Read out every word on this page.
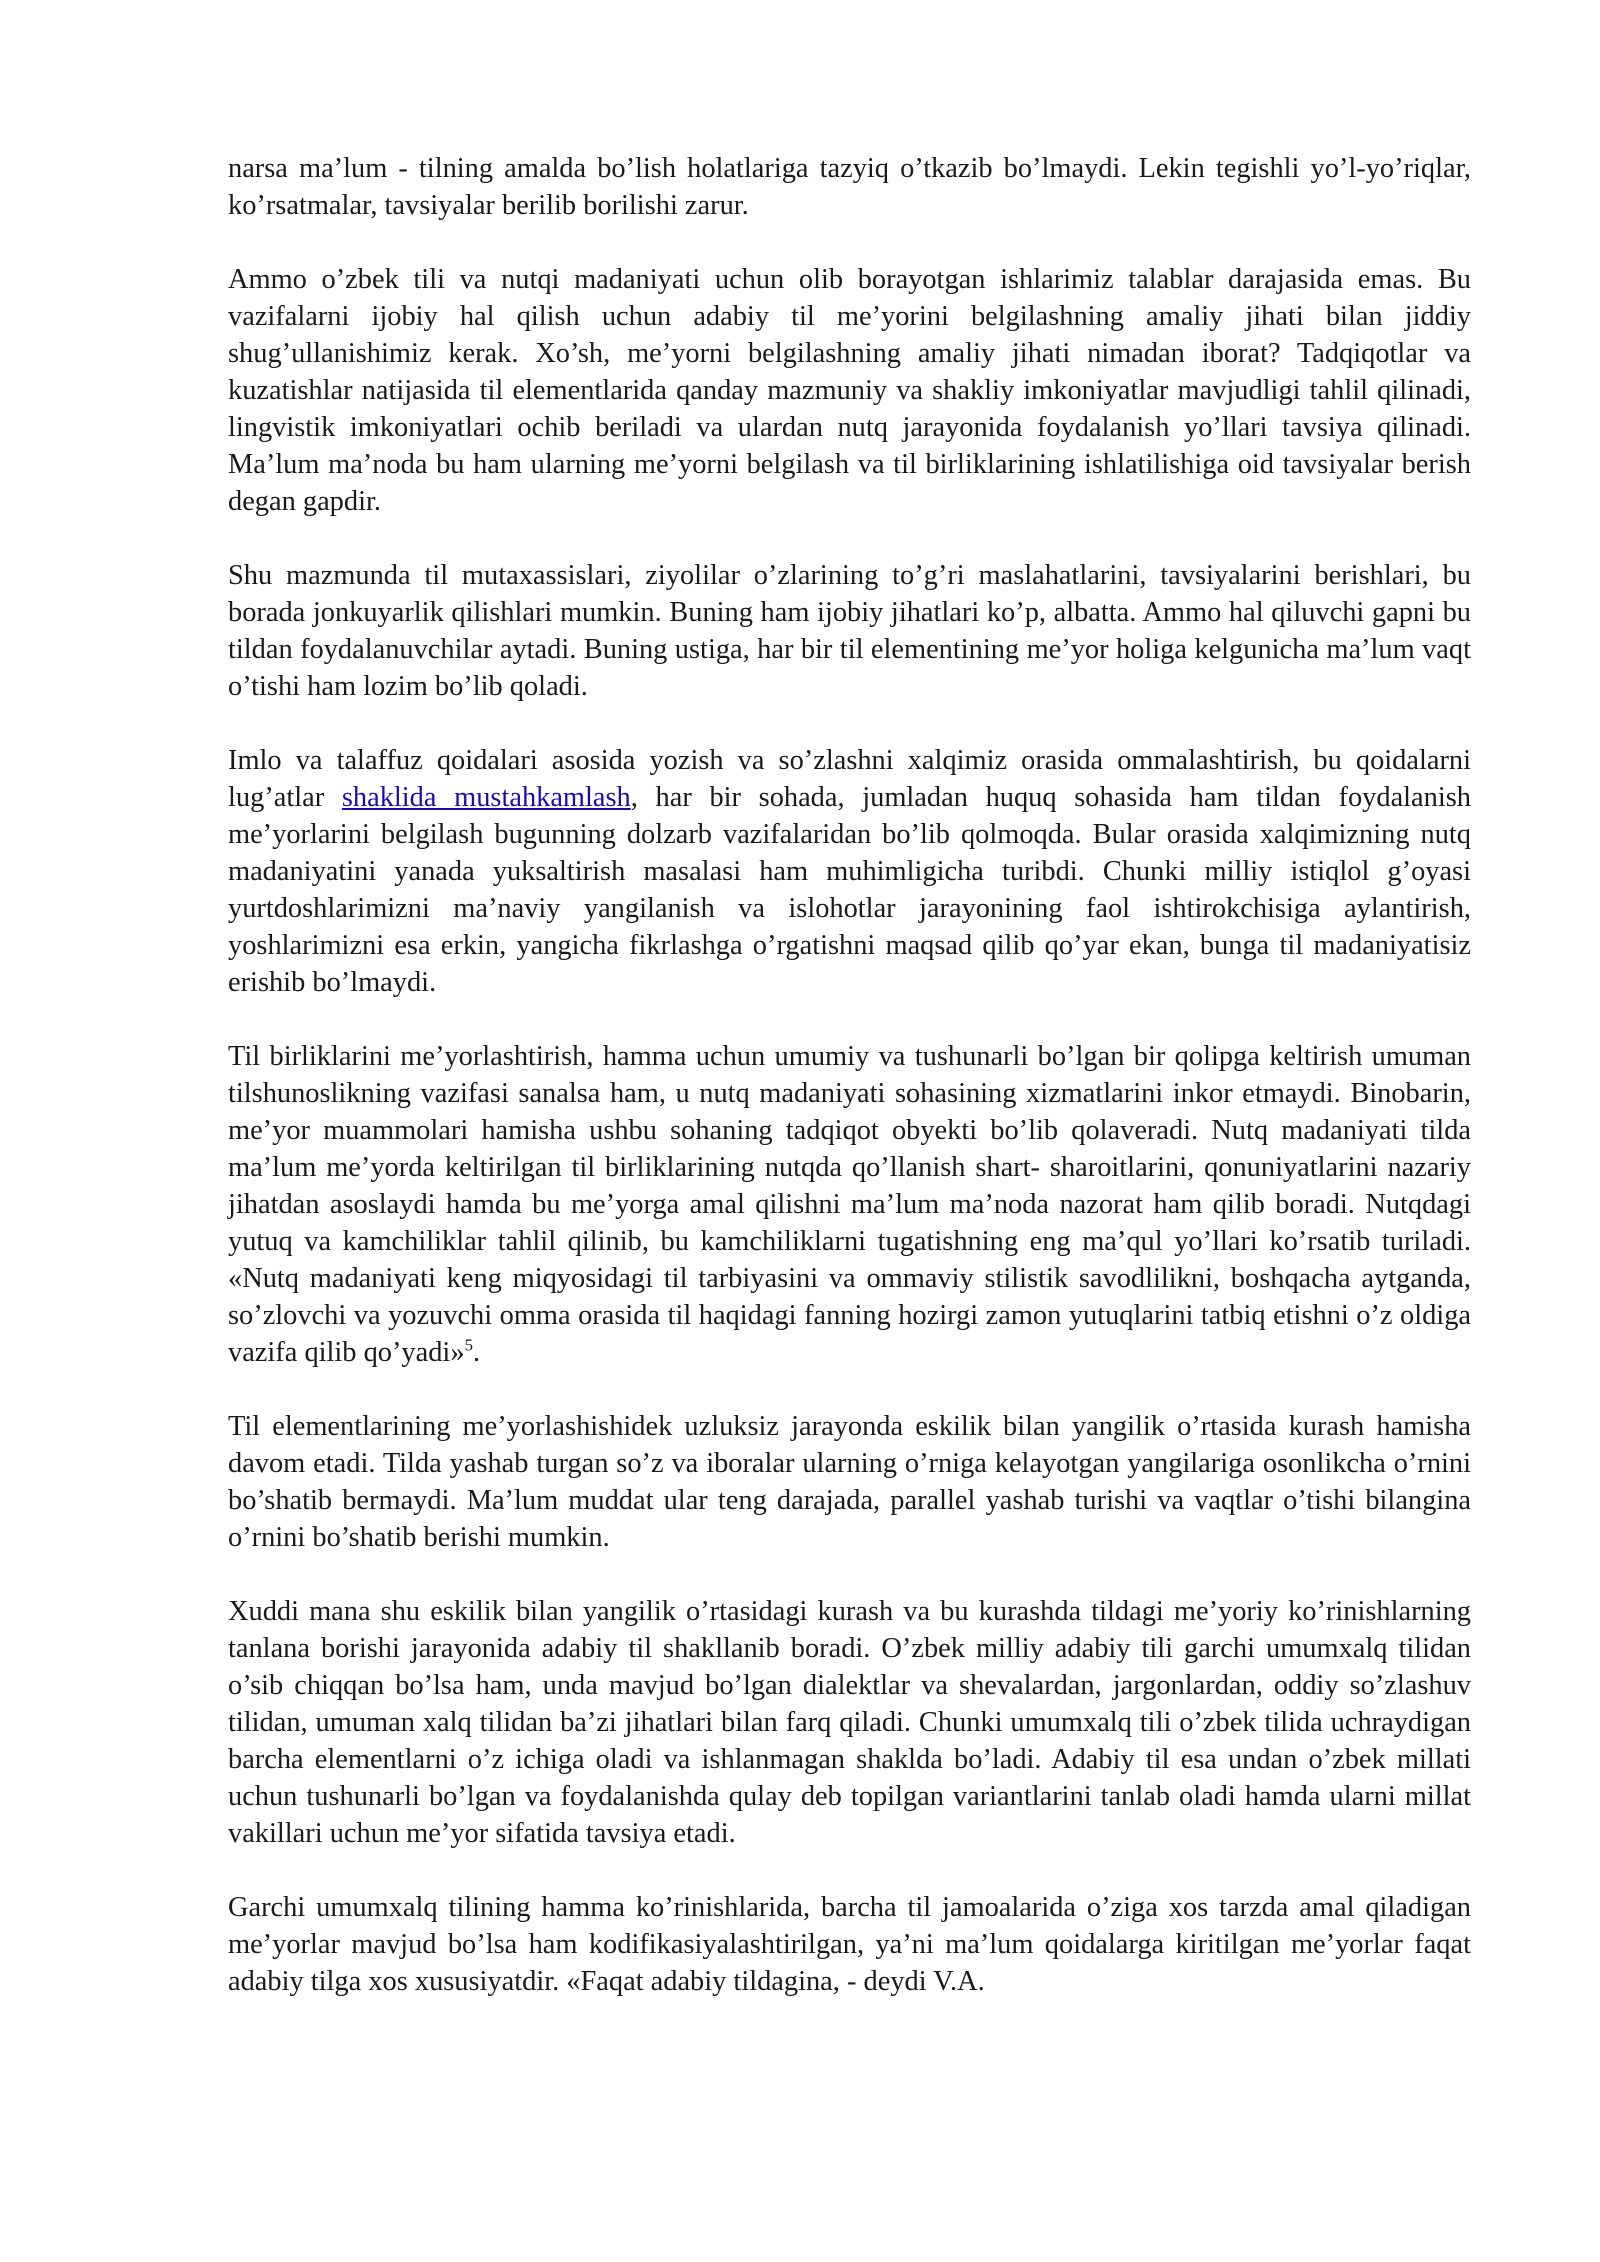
narsa ma’lum - tilning amalda bo’lish holatlariga tazyiq o’tkazib bo’lmaydi. Lekin tegishli yo’l-yo’riqlar, ko’rsatmalar, tavsiyalar berilib borilishi zarur.

Ammo o’zbek tili va nutqi madaniyati uchun olib borayotgan ishlarimiz talablar darajasida emas. Bu vazifalarni ijobiy hal qilish uchun adabiy til me’yorini belgilashning amaliy jihati bilan jiddiy shug’ullanishimiz kerak. Xo’sh, me’yorni belgilashning amaliy jihati nimadan iborat? Tadqiqotlar va kuzatishlar natijasida til elementlarida qanday mazmuniy va shakliy imkoniyatlar mavjudligi tahlil qilinadi, lingvistik imkoniyatlari ochib beriladi va ulardan nutq jarayonida foydalanish yo’llari tavsiya qilinadi. Ma’lum ma’noda bu ham ularning me’yorni belgilash va til birliklarining ishlatilishiga oid tavsiyalar berish degan gapdir.

Shu mazmunda til mutaxassislari, ziyolilar o’zlarining to’g’ri maslahatlarini, tavsiyalarini berishlari, bu borada jonkuyarlik qilishlari mumkin. Buning ham ijobiy jihatlari ko’p, albatta. Ammo hal qiluvchi gapni bu tildan foydalanuvchilar aytadi. Buning ustiga, har bir til elementining me’yor holiga kelgunicha ma’lum vaqt o’tishi ham lozim bo’lib qoladi.

Imlo va talaffuz qoidalari asosida yozish va so’zlashni xalqimiz orasida ommalashtirish, bu qoidalarni lug’atlar shaklida mustahkamlash, har bir sohada, jumladan huquq sohasida ham tildan foydalanish me’yorlarini belgilash bugunning dolzarb vazifalaridan bo’lib qolmoqda. Bular orasida xalqimizning nutq madaniyatini yanada yuksaltirish masalasi ham muhimligicha turibdi. Chunki milliy istiqlol g’oyasi yurtdoshlarimizni ma’naviy yangilanish va islohotlar jarayonining faol ishtirokchisiga aylantirish, yoshlarimizni esa erkin, yangicha fikrlashga o’rgatishni maqsad qilib qo’yar ekan, bunga til madaniyatisiz erishib bo’lmaydi.

Til birliklarini me’yorlashtirish, hamma uchun umumiy va tushunarli bo’lgan bir qolipga keltirish umuman tilshunoslikning vazifasi sanalsa ham, u nutq madaniyati sohasining xizmatlarini inkor etmaydi. Binobarin, me’yor muammolari hamisha ushbu sohaning tadqiqot obyekti bo’lib qolaveradi. Nutq madaniyati tilda ma’lum me’yorda keltirilgan til birliklarining nutqda qo’llanish shart- sharoitlarini, qonuniyatlarini nazariy jihatdan asoslaydi hamda bu me’yorga amal qilishni ma’lum ma’noda nazorat ham qilib boradi. Nutqdagi yutuq va kamchiliklar tahlil qilinib, bu kamchiliklarni tugatishning eng ma’qul yo’llari ko’rsatib turiladi. «Nutq madaniyati keng miqyosidagi til tarbiyasini va ommaviy stilistik savodlilikni, boshqacha aytganda, so’zlovchi va yozuvchi omma orasida til haqidagi fanning hozirgi zamon yutuqlarini tatbiq etishni o’z oldiga vazifa qilib qo’yadi»$^5$.

Til elementlarining me’yorlashishidek uzluksiz jarayonda eskilik bilan yangilik o’rtasida kurash hamisha davom etadi. Tilda yashab turgan so’z va iboralar ularning o’rniga kelayotgan yangilariga osonlikcha o’rnini bo’shatib bermaydi. Ma’lum muddat ular teng darajada, parallel yashab turishi va vaqtlar o’tishi bilangina o’rnini bo’shatib berishi mumkin.

Xuddi mana shu eskilik bilan yangilik o’rtasidagi kurash va bu kurashda tildagi me’yoriy ko’rinishlarning tanlana borishi jarayonida adabiy til shakllanib boradi. O’zbek milliy adabiy tili garchi umumxalq tilidan o’sib chiqqan bo’lsa ham, unda mavjud bo’lgan dialektlar va shevalardan, jargonlardan, oddiy so’zlashuv tilidan, umuman xalq tilidan ba’zi jihatlari bilan farq qiladi. Chunki umumxalq tili o’zbek tilida uchraydigan barcha elementlarni o’z ichiga oladi va ishlanmagan shaklda bo’ladi. Adabiy til esa undan o’zbek millati uchun tushunarli bo’lgan va foydalanishda qulay deb topilgan variantlarini tanlab oladi hamda ularni millat vakillari uchun me’yor sifatida tavsiya etadi.

Garchi umumxalq tilining hamma ko’rinishlarida, barcha til jamoalarida o’ziga xos tarzda amal qiladigan me’yorlar mavjud bo’lsa ham kodifikasiyalashtirilgan, ya’ni ma’lum qoidalarga kiritilgan me’yorlar faqat adabiy tilga xos xususiyatdir. «Faqat adabiy tildagina, - deydi V.A.
